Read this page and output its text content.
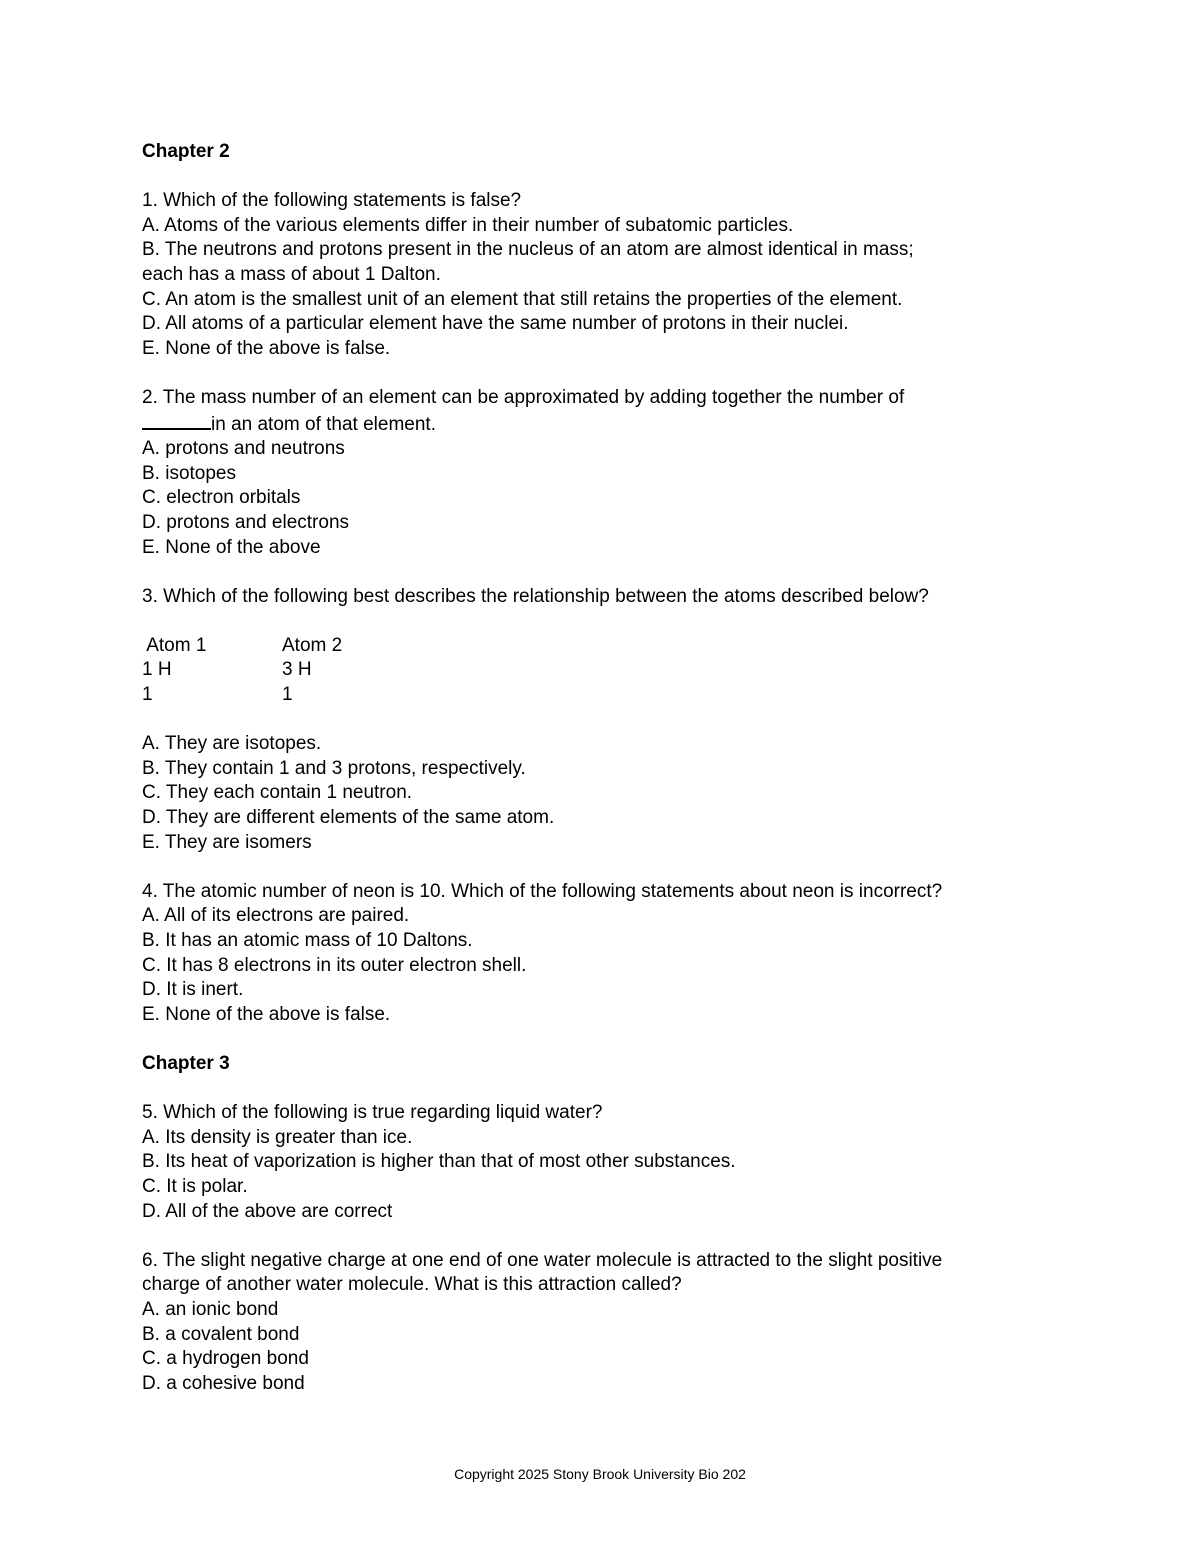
Chapter 2
1. Which of the following statements is false?
A. Atoms of the various elements differ in their number of subatomic particles.
B. The neutrons and protons present in the nucleus of an atom are almost identical in mass;
each has a mass of about 1 Dalton.
C. An atom is the smallest unit of an element that still retains the properties of the element.
D. All atoms of a particular element have the same number of protons in their nuclei.
E. None of the above is false.
2. The mass number of an element can be approximated by adding together the number of
in an atom of that element.
A. protons and neutrons
B. isotopes
C. electron orbitals
D. protons and electrons
E. None of the above
3. Which of the following best describes the relationship between the atoms described below?
Atom 1	Atom 2
1 H	3 H
1	1
A. They are isotopes.
B. They contain 1 and 3 protons, respectively.
C. They each contain 1 neutron.
D. They are different elements of the same atom.
E. They are isomers
4. The atomic number of neon is 10. Which of the following statements about neon is incorrect?
A. All of its electrons are paired.
B. It has an atomic mass of 10 Daltons.
C. It has 8 electrons in its outer electron shell.
D. It is inert.
E. None of the above is false.
Chapter 3
5. Which of the following is true regarding liquid water?
A. Its density is greater than ice.
B. Its heat of vaporization is higher than that of most other substances.
C. It is polar.
D. All of the above are correct
6. The slight negative charge at one end of one water molecule is attracted to the slight positive
charge of another water molecule. What is this attraction called?
A. an ionic bond
B. a covalent bond
C. a hydrogen bond
D. a cohesive bond
Copyright 2025 Stony Brook University Bio 202
